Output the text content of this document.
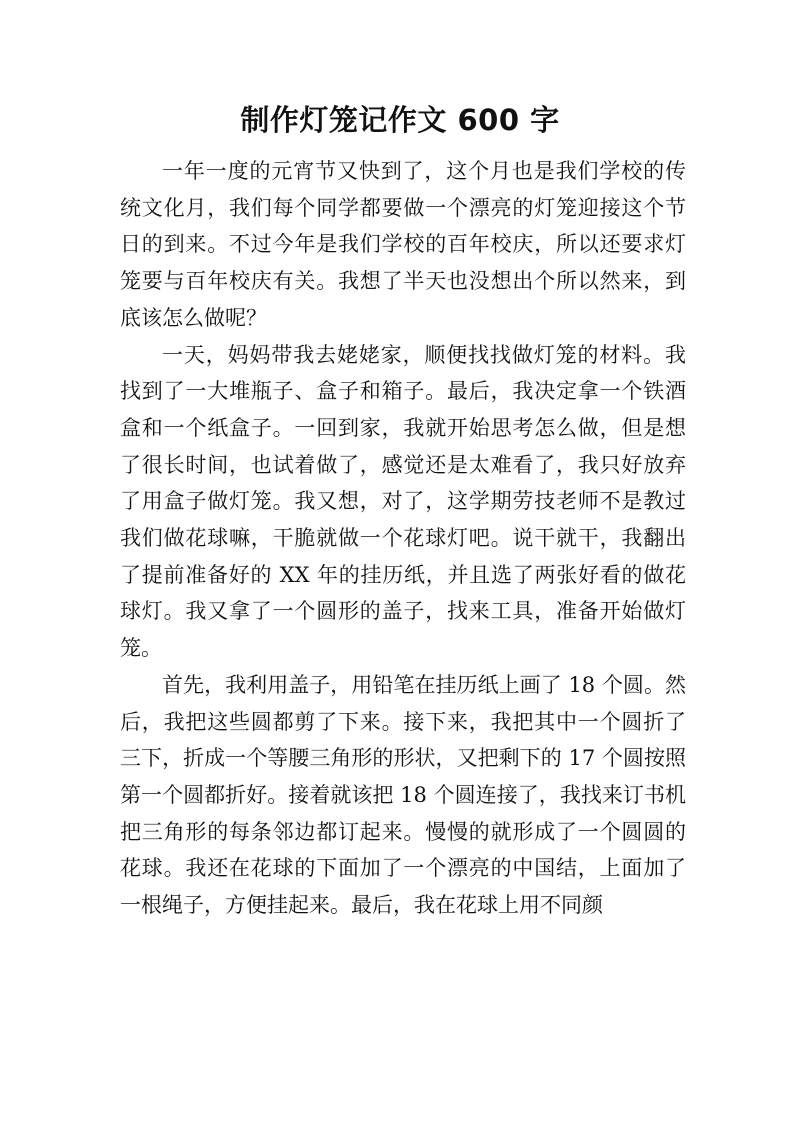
制作灯笼记作文 600 字

一年一度的元宵节又快到了，这个月也是我们学校的传统文化月，我们每个同学都要做一个漂亮的灯笼迎接这个节日的到来。不过今年是我们学校的百年校庆，所以还要求灯笼要与百年校庆有关。我想了半天也没想出个所以然来，到底该怎么做呢？

一天，妈妈带我去姥姥家，顺便找找做灯笼的材料。我找到了一大堆瓶子、盒子和箱子。最后，我决定拿一个铁酒盒和一个纸盒子。一回到家，我就开始思考怎么做，但是想了很长时间，也试着做了，感觉还是太难看了，我只好放弃了用盒子做灯笼。我又想，对了，这学期劳技老师不是教过我们做花球嘛，干脆就做一个花球灯吧。说干就干，我翻出了提前准备好的 XX 年的挂历纸，并且选了两张好看的做花球灯。我又拿了一个圆形的盖子，找来工具，准备开始做灯笼。

首先，我利用盖子，用铅笔在挂历纸上画了 18 个圆。然后，我把这些圆都剪了下来。接下来，我把其中一个圆折了三下，折成一个等腰三角形的形状，又把剩下的 17 个圆按照第一个圆都折好。接着就该把 18 个圆连接了，我找来订书机把三角形的每条邻边都订起来。慢慢的就形成了一个圆圆的花球。我还在花球的下面加了一个漂亮的中国结，上面加了一根绳子，方便挂起来。最后，我在花球上用不同颜
